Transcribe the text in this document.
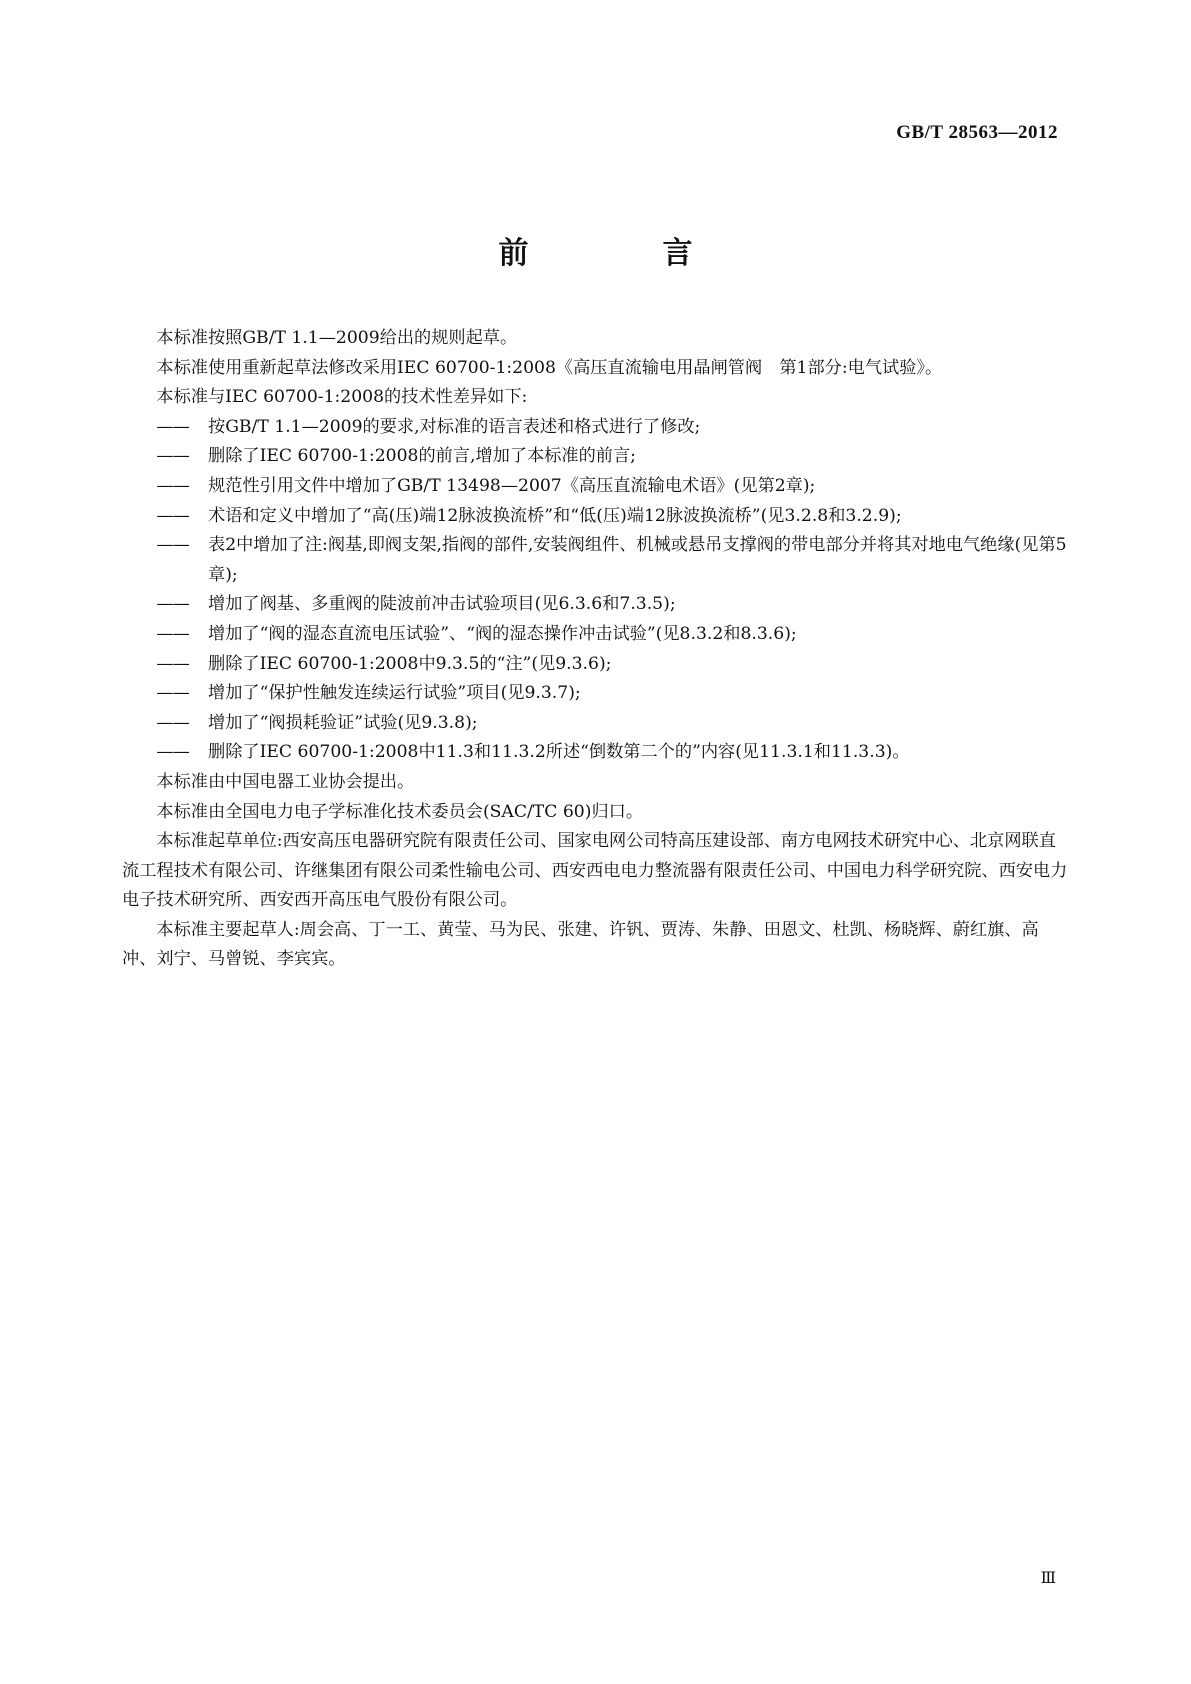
GB/T 28563—2012
前　言

本标准按照GB/T 1.1—2009给出的规则起草。

本标准使用重新起草法修改采用IEC 60700-1:2008《高压直流输电用晶闸管阀　第1部分:电气试验》。

本标准与IEC 60700-1:2008的技术性差异如下:

—— 按GB/T 1.1—2009的要求,对标准的语言表述和格式进行了修改;

—— 删除了IEC 60700-1:2008的前言,增加了本标准的前言;

—— 规范性引用文件中增加了GB/T 13498—2007《高压直流输电术语》(见第2章);

—— 术语和定义中增加了“高(压)端12脉波换流桥”和“低(压)端12脉波换流桥”(见3.2.8和3.2.9);

—— 表2中增加了注:阀基,即阀支架,指阀的部件,安装阀组件、机械或悬吊支撑阀的带电部分并将其对地电气绝缘(见第5章);

—— 增加了阀基、多重阀的陡波前冲击试验项目(见6.3.6和7.3.5);

—— 增加了“阀的湿态直流电压试验”、“阀的湿态操作冲击试验”(见8.3.2和8.3.6);

—— 删除了IEC 60700-1:2008中9.3.5的“注”(见9.3.6);

—— 增加了“保护性触发连续运行试验”项目(见9.3.7);

—— 增加了“阀损耗验证”试验(见9.3.8);

—— 删除了IEC 60700-1:2008中11.3和11.3.2所述“倒数第二个的”内容(见11.3.1和11.3.3)。

本标准由中国电器工业协会提出。

本标准由全国电力电子学标准化技术委员会(SAC/TC 60)归口。

本标准起草单位:西安高压电器研究院有限责任公司、国家电网公司特高压建设部、南方电网技术研究中心、北京网联直流工程技术有限公司、许继集团有限公司柔性输电公司、西安西电电力整流器有限责任公司、中国电力科学研究院、西安电力电子技术研究所、西安西开高压电气股份有限公司。

本标准主要起草人:周会高、丁一工、黄莹、马为民、张建、许钒、贾涛、朱静、田恩文、杜凯、杨晓辉、蔚红旗、高冲、刘宁、马曾锐、李宾宾。

Ⅲ
